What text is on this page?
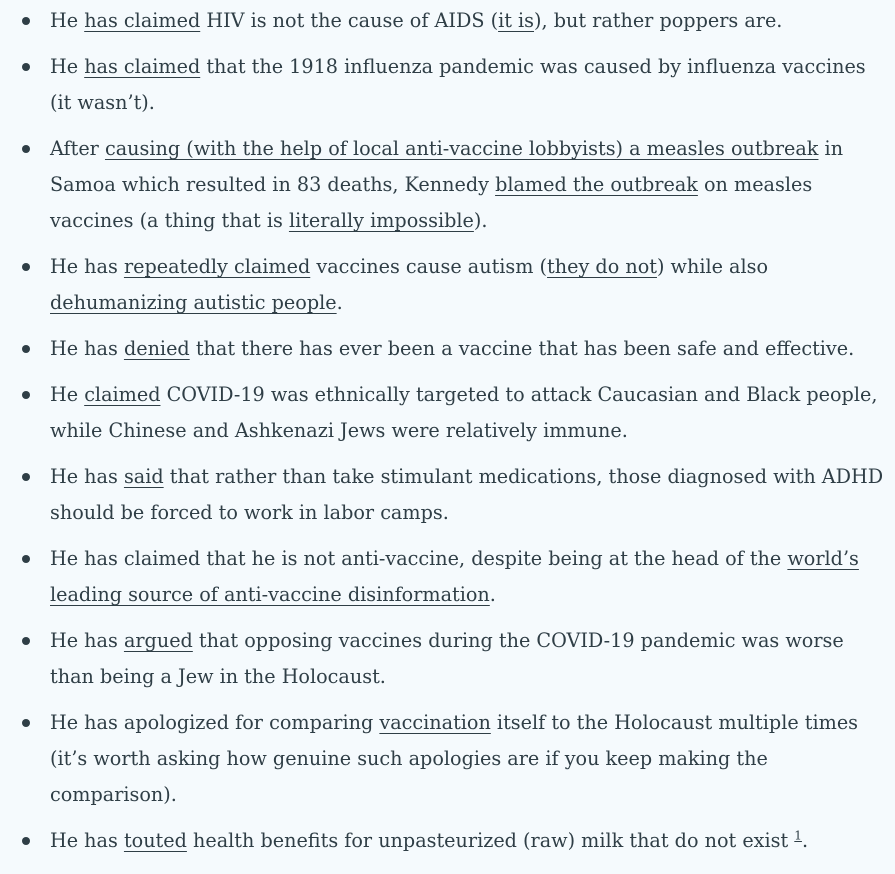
He has claimed HIV is not the cause of AIDS (it is), but rather poppers are.
He has claimed that the 1918 influenza pandemic was caused by influenza vaccines (it wasn’t).
After causing (with the help of local anti-vaccine lobbyists) a measles outbreak in Samoa which resulted in 83 deaths, Kennedy blamed the outbreak on measles vaccines (a thing that is literally impossible).
He has repeatedly claimed vaccines cause autism (they do not) while also dehumanizing autistic people.
He has denied that there has ever been a vaccine that has been safe and effective.
He claimed COVID-19 was ethnically targeted to attack Caucasian and Black people, while Chinese and Ashkenazi Jews were relatively immune.
He has said that rather than take stimulant medications, those diagnosed with ADHD should be forced to work in labor camps.
He has claimed that he is not anti-vaccine, despite being at the head of the world’s leading source of anti-vaccine disinformation.
He has argued that opposing vaccines during the COVID-19 pandemic was worse than being a Jew in the Holocaust.
He has apologized for comparing vaccination itself to the Holocaust multiple times (it’s worth asking how genuine such apologies are if you keep making the comparison).
He has touted health benefits for unpasteurized (raw) milk that do not exist $^1$.
